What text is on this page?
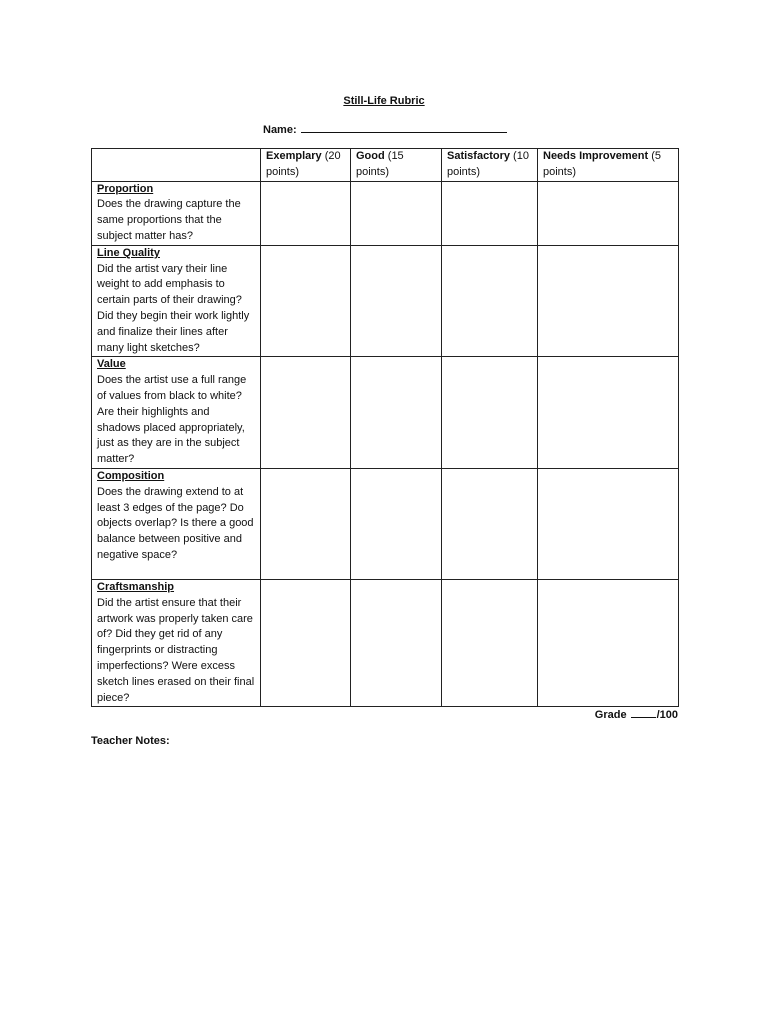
Still-Life Rubric
Name:
	Exemplary (20 points)	Good (15 points)	Satisfactory (10 points)	Needs Improvement (5 points)

Proportion
Does the drawing capture the same proportions that the subject matter has?				

Line Quality
Did the artist vary their line weight to add emphasis to certain parts of their drawing? Did they begin their work lightly and finalize their lines after many light sketches?				

Value
Does the artist use a full range of values from black to white? Are their highlights and shadows placed appropriately, just as they are in the subject matter?				

Composition
Does the drawing extend to at least 3 edges of the page? Do objects overlap? Is there a good balance between positive and negative space?				

Craftsmanship
Did the artist ensure that their artwork was properly taken care of? Did they get rid of any fingerprints or distracting imperfections? Were excess sketch lines erased on their final piece?				

Grade	/100
Teacher Notes:
